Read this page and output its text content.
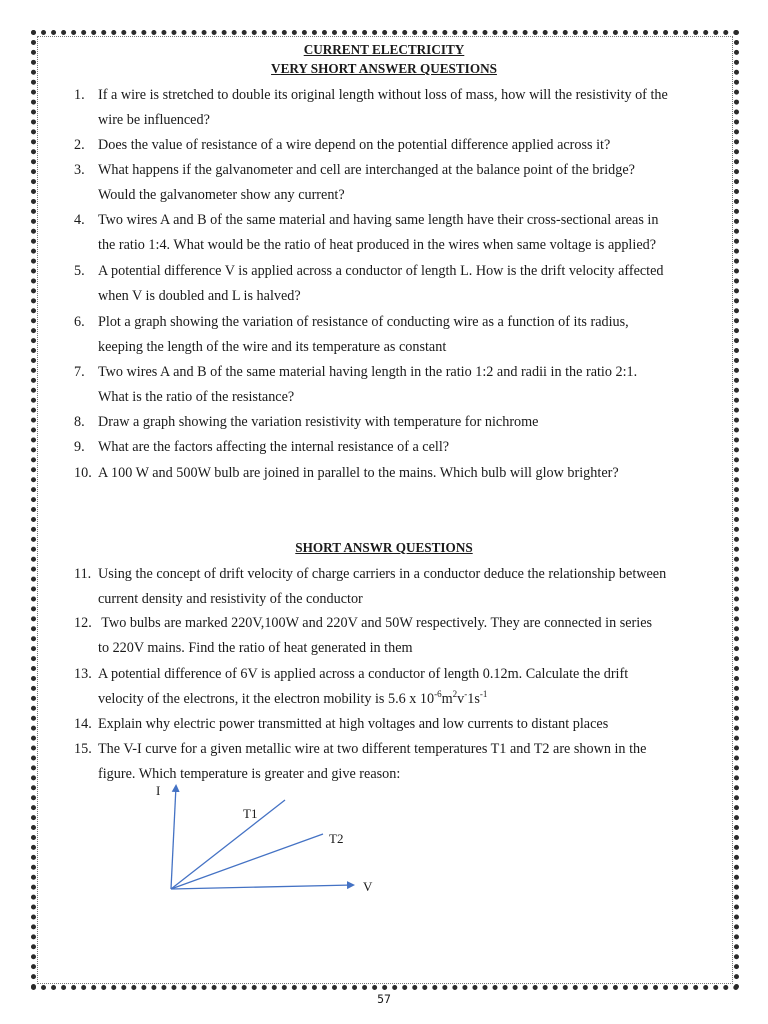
CURRENT ELECTRICITY
VERY SHORT ANSWER QUESTIONS
1. If a wire is stretched to double its original length without loss of mass, how will the resistivity of the
wire be influenced?
2. Does the value of resistance of a wire depend on the potential difference applied across it?
3. What happens if the galvanometer and cell are interchanged at the balance point of the bridge?
Would the galvanometer show any current?
4. Two wires A and B of the same material and having same length have their cross-sectional areas in
the ratio 1:4. What would be the ratio of heat produced in the wires when same voltage is applied?
5. A potential difference V is applied across a conductor of length L. How is the drift velocity affected
when V is doubled and L is halved?
6. Plot a graph showing the variation of resistance of conducting wire as a function of its radius,
keeping the length of the wire and its temperature as constant
7. Two wires A and B of the same material having length in the ratio 1:2 and radii in the ratio 2:1.
What is the ratio of the resistance?
8. Draw a graph showing the variation resistivity with temperature for nichrome
9. What are the factors affecting the internal resistance of a cell?
10. A 100 W and 500W bulb are joined in parallel to the mains. Which bulb will glow brighter?
SHORT ANSWR QUESTIONS
11. Using the concept of drift velocity of charge carriers in a conductor deduce the relationship between
current density and resistivity of the conductor
12. Two bulbs are marked 220V,100W and 220V and 50W respectively. They are connected in series
to 220V mains. Find the ratio of heat generated in them
13. A potential difference of 6V is applied across a conductor of length 0.12m. Calculate the drift
velocity of the electrons, it the electron mobility is 5.6 x $10^{-6}m^2v^-1s^{-1}$
14. Explain why electric power transmitted at high voltages and low currents to distant places
15. The V-I curve for a given metallic wire at two different temperatures T1 and T2 are shown in the
figure. Which temperature is greater and give reason:
I
V
T1
T2
57
